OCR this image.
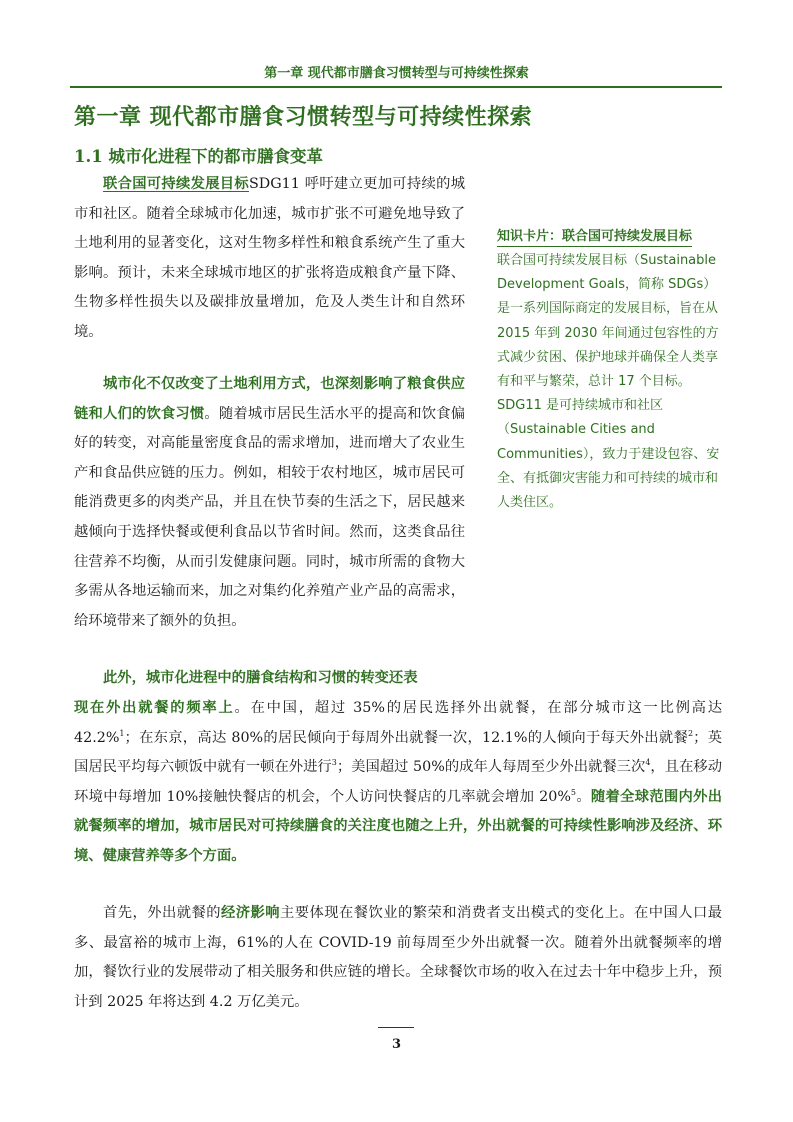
第一章 现代都市膳食习惯转型与可持续性探索
第一章 现代都市膳食习惯转型与可持续性探索
1.1 城市化进程下的都市膳食变革

联合国可持续发展目标SDG11 呼吁建立更加可持续的城市和社区。随着全球城市化加速，城市扩张不可避免地导致了土地利用的显著变化，这对生物多样性和粮食系统产生了重大影响。预计，未来全球城市地区的扩张将造成粮食产量下降、生物多样性损失以及碳排放量增加，危及人类生计和自然环境。

城市化不仅改变了土地利用方式，也深刻影响了粮食供应链和人们的饮食习惯。随着城市居民生活水平的提高和饮食偏好的转变，对高能量密度食品的需求增加，进而增大了农业生产和食品供应链的压力。例如，相较于农村地区，城市居民可能消费更多的肉类产品，并且在快节奏的生活之下，居民越来越倾向于选择快餐或便利食品以节省时间。然而，这类食品往往营养不均衡，从而引发健康问题。同时，城市所需的食物大多需从各地运输而来，加之对集约化养殖产业产品的高需求，给环境带来了额外的负担。

此外，城市化进程中的膳食结构和习惯的转变还表

现在外出就餐的频率上。在中国，超过 35%的居民选择外出就餐，在部分城市这一比例高达 42.2%$^1$；在东京，高达 80%的居民倾向于每周外出就餐一次，12.1%的人倾向于每天外出就餐$^2$；英国居民平均每六顿饭中就有一顿在外进行$^3$；美国超过 50%的成年人每周至少外出就餐三次$^4$，且在移动环境中每增加 10%接触快餐店的机会，个人访问快餐店的几率就会增加 20%$^5$。随着全球范围内外出就餐频率的增加，城市居民对可持续膳食的关注度也随之上升，外出就餐的可持续性影响涉及经济、环境、健康营养等多个方面。

首先，外出就餐的经济影响主要体现在餐饮业的繁荣和消费者支出模式的变化上。在中国人口最多、最富裕的城市上海，61%的人在 COVID-19 前每周至少外出就餐一次。随着外出就餐频率的增加，餐饮行业的发展带动了相关服务和供应链的增长。全球餐饮市场的收入在过去十年中稳步上升，预计到 2025 年将达到 4.2 万亿美元。

知识卡片：联合国可持续发展目标

联合国可持续发展目标（Sustainable Development Goals，简称 SDGs）是一系列国际商定的发展目标，旨在从 2015 年到 2030 年间通过包容性的方式减少贫困、保护地球并确保全人类享有和平与繁荣，总计 17 个目标。SDG11 是可持续城市和社区（Sustainable Cities and Communities），致力于建设包容、安全、有抵御灾害能力和可持续的城市和人类住区。

3
